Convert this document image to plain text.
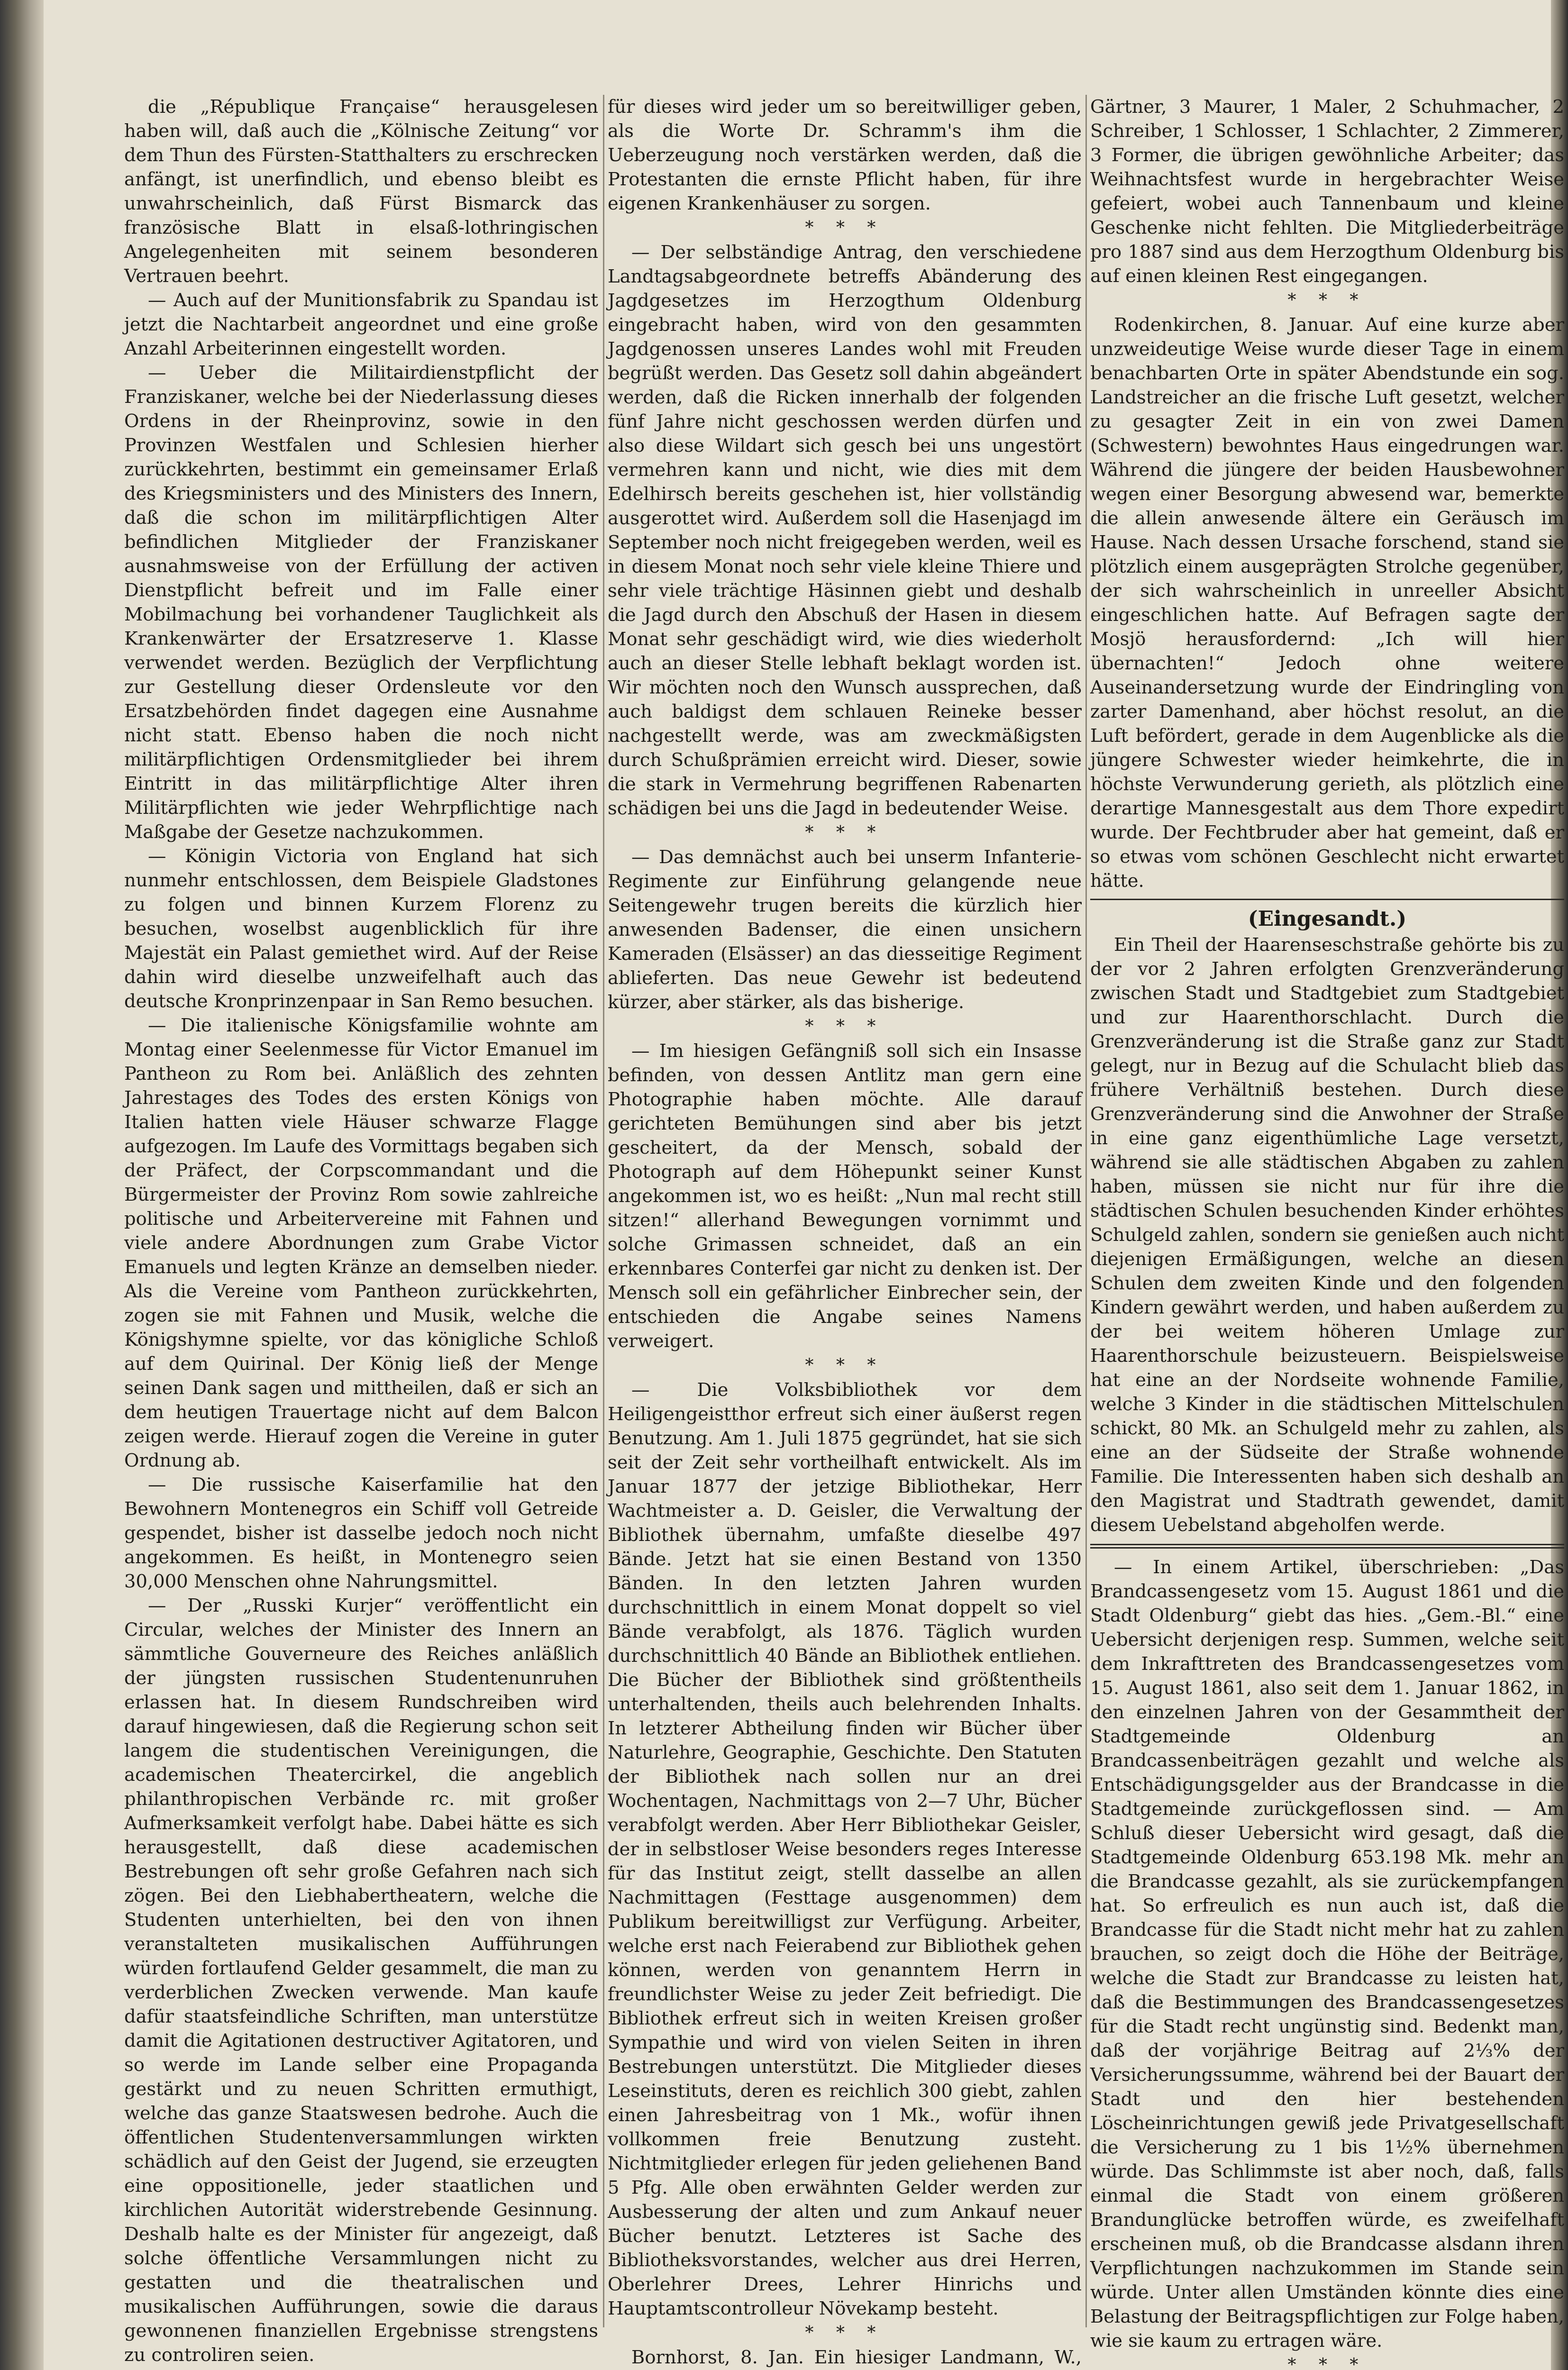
die „République Française“ herausgelesen haben will, daß auch die „Kölnische Zeitung“ vor dem Thun des Fürsten-Statthalters zu erschrecken anfängt, ist unerfindlich, und ebenso bleibt es unwahrscheinlich, daß Fürst Bismarck das französische Blatt in elsaß-lothringischen Angelegenheiten mit seinem besonderen Vertrauen beehrt.

— Auch auf der Munitionsfabrik zu Spandau ist jetzt die Nachtarbeit angeordnet und eine große Anzahl Arbeiterinnen eingestellt worden.

— Ueber die Militairdienstpflicht der Franziskaner, welche bei der Niederlassung dieses Ordens in der Rheinprovinz, sowie in den Provinzen Westfalen und Schlesien hierher zurückkehrten, bestimmt ein gemeinsamer Erlaß des Kriegsministers und des Ministers des Innern, daß die schon im militärpflichtigen Alter befindlichen Mitglieder der Franziskaner ausnahmsweise von der Erfüllung der activen Dienstpflicht befreit und im Falle einer Mobilmachung bei vorhandener Tauglichkeit als Krankenwärter der Ersatzreserve 1. Klasse verwendet werden. Bezüglich der Verpflichtung zur Gestellung dieser Ordensleute vor den Ersatzbehörden findet dagegen eine Ausnahme nicht statt. Ebenso haben die noch nicht militärpflichtigen Ordensmitglieder bei ihrem Eintritt in das militärpflichtige Alter ihren Militärpflichten wie jeder Wehrpflichtige nach Maßgabe der Gesetze nachzukommen.

— Königin Victoria von England hat sich nunmehr entschlossen, dem Beispiele Gladstones zu folgen und binnen Kurzem Florenz zu besuchen, woselbst augenblicklich für ihre Majestät ein Palast gemiethet wird. Auf der Reise dahin wird dieselbe unzweifelhaft auch das deutsche Kronprinzenpaar in San Remo besuchen.

— Die italienische Königsfamilie wohnte am Montag einer Seelenmesse für Victor Emanuel im Pantheon zu Rom bei. Anläßlich des zehnten Jahrestages des Todes des ersten Königs von Italien hatten viele Häuser schwarze Flagge aufgezogen. Im Laufe des Vormittags begaben sich der Präfect, der Corpscommandant und die Bürgermeister der Provinz Rom sowie zahlreiche politische und Arbeitervereine mit Fahnen und viele andere Abordnungen zum Grabe Victor Emanuels und legten Kränze an demselben nieder. Als die Vereine vom Pantheon zurückkehrten, zogen sie mit Fahnen und Musik, welche die Königshymne spielte, vor das königliche Schloß auf dem Quirinal. Der König ließ der Menge seinen Dank sagen und mittheilen, daß er sich an dem heutigen Trauertage nicht auf dem Balcon zeigen werde. Hierauf zogen die Vereine in guter Ordnung ab.

— Die russische Kaiserfamilie hat den Bewohnern Montenegros ein Schiff voll Getreide gespendet, bisher ist dasselbe jedoch noch nicht angekommen. Es heißt, in Montenegro seien 30,000 Menschen ohne Nahrungsmittel.

— Der „Russki Kurjer“ veröffentlicht ein Circular, welches der Minister des Innern an sämmtliche Gouverneure des Reiches anläßlich der jüngsten russischen Studentenunruhen erlassen hat. In diesem Rundschreiben wird darauf hingewiesen, daß die Regierung schon seit langem die studentischen Vereinigungen, die academischen Theatercirkel, die angeblich philanthropischen Verbände rc. mit großer Aufmerksamkeit verfolgt habe. Dabei hätte es sich herausgestellt, daß diese academischen Bestrebungen oft sehr große Gefahren nach sich zögen. Bei den Liebhabertheatern, welche die Studenten unterhielten, bei den von ihnen veranstalteten musikalischen Aufführungen würden fortlaufend Gelder gesammelt, die man zu verderblichen Zwecken verwende. Man kaufe dafür staatsfeindliche Schriften, man unterstütze damit die Agitationen destructiver Agitatoren, und so werde im Lande selber eine Propaganda gestärkt und zu neuen Schritten ermuthigt, welche das ganze Staatswesen bedrohe. Auch die öffentlichen Studentenversammlungen wirkten schädlich auf den Geist der Jugend, sie erzeugten eine oppositionelle, jeder staatlichen und kirchlichen Autorität widerstrebende Gesinnung. Deshalb halte es der Minister für angezeigt, daß solche öffentliche Versammlungen nicht zu gestatten und die theatralischen und musikalischen Aufführungen, sowie die daraus gewonnenen finanziellen Ergebnisse strengstens zu controliren seien.

für dieses wird jeder um so bereitwilliger geben, als die Worte Dr. Schramm's ihm die Ueberzeugung noch verstärken werden, daß die Protestanten die ernste Pflicht haben, für ihre eigenen Krankenhäuser zu sorgen.

* * *

— Der selbständige Antrag, den verschiedene Landtagsabgeordnete betreffs Abänderung des Jagdgesetzes im Herzogthum Oldenburg eingebracht haben, wird von den gesammten Jagdgenossen unseres Landes wohl mit Freuden begrüßt werden. Das Gesetz soll dahin abgeändert werden, daß die Ricken innerhalb der folgenden fünf Jahre nicht geschossen werden dürfen und also diese Wildart sich gesch bei uns ungestört vermehren kann und nicht, wie dies mit dem Edelhirsch bereits geschehen ist, hier vollständig ausgerottet wird. Außerdem soll die Hasenjagd im September noch nicht freigegeben werden, weil es in diesem Monat noch sehr viele kleine Thiere und sehr viele trächtige Häsinnen giebt und deshalb die Jagd durch den Abschuß der Hasen in diesem Monat sehr geschädigt wird, wie dies wiederholt auch an dieser Stelle lebhaft beklagt worden ist. Wir möchten noch den Wunsch aussprechen, daß auch baldigst dem schlauen Reineke besser nachgestellt werde, was am zweckmäßigsten durch Schußprämien erreicht wird. Dieser, sowie die stark in Vermehrung begriffenen Rabenarten schädigen bei uns die Jagd in bedeutender Weise.

* * *

— Das demnächst auch bei unserm Infanterie-Regimente zur Einführung gelangende neue Seitengewehr trugen bereits die kürzlich hier anwesenden Badenser, die einen unsichern Kameraden (Elsässer) an das diesseitige Regiment ablieferten. Das neue Gewehr ist bedeutend kürzer, aber stärker, als das bisherige.

* * *

— Im hiesigen Gefängniß soll sich ein Insasse befinden, von dessen Antlitz man gern eine Photographie haben möchte. Alle darauf gerichteten Bemühungen sind aber bis jetzt gescheitert, da der Mensch, sobald der Photograph auf dem Höhepunkt seiner Kunst angekommen ist, wo es heißt: „Nun mal recht still sitzen!“ allerhand Bewegungen vornimmt und solche Grimassen schneidet, daß an ein erkennbares Conterfei gar nicht zu denken ist. Der Mensch soll ein gefährlicher Einbrecher sein, der entschieden die Angabe seines Namens verweigert.

* * *

— Die Volksbibliothek vor dem Heiligengeistthor erfreut sich einer äußerst regen Benutzung. Am 1. Juli 1875 gegründet, hat sie sich seit der Zeit sehr vortheilhaft entwickelt. Als im Januar 1877 der jetzige Bibliothekar, Herr Wachtmeister a. D. Geisler, die Verwaltung der Bibliothek übernahm, umfaßte dieselbe 497 Bände. Jetzt hat sie einen Bestand von 1350 Bänden. In den letzten Jahren wurden durchschnittlich in einem Monat doppelt so viel Bände verabfolgt, als 1876. Täglich wurden durchschnittlich 40 Bände an Bibliothek entliehen. Die Bücher der Bibliothek sind größtentheils unterhaltenden, theils auch belehrenden Inhalts. In letzterer Abtheilung finden wir Bücher über Naturlehre, Geographie, Geschichte. Den Statuten der Bibliothek nach sollen nur an drei Wochentagen, Nachmittags von 2—7 Uhr, Bücher verabfolgt werden. Aber Herr Bibliothekar Geisler, der in selbstloser Weise besonders reges Interesse für das Institut zeigt, stellt dasselbe an allen Nachmittagen (Festtage ausgenommen) dem Publikum bereitwilligst zur Verfügung. Arbeiter, welche erst nach Feierabend zur Bibliothek gehen können, werden von genanntem Herrn in freundlichster Weise zu jeder Zeit befriedigt. Die Bibliothek erfreut sich in weiten Kreisen großer Sympathie und wird von vielen Seiten in ihren Bestrebungen unterstützt. Die Mitglieder dieses Leseinstituts, deren es reichlich 300 giebt, zahlen einen Jahresbeitrag von 1 Mk., wofür ihnen vollkommen freie Benutzung zusteht. Nichtmitglieder erlegen für jeden geliehenen Band 5 Pfg. Alle oben erwähnten Gelder werden zur Ausbesserung der alten und zum Ankauf neuer Bücher benutzt. Letzteres ist Sache des Bibliotheksvorstandes, welcher aus drei Herren, Oberlehrer Drees, Lehrer Hinrichs und Hauptamtscontrolleur Növekamp besteht.

* * *

Bornhorst, 8. Jan. Ein hiesiger Landmann, W.,

Gärtner, 3 Maurer, 1 Maler, 2 Schuhmacher, 2 Schreiber, 1 Schlosser, 1 Schlachter, 2 Zimmerer, 3 Former, die übrigen gewöhnliche Arbeiter; das Weihnachtsfest wurde in hergebrachter Weise gefeiert, wobei auch Tannenbaum und kleine Geschenke nicht fehlten. Die Mitgliederbeiträge pro 1887 sind aus dem Herzogthum Oldenburg bis auf einen kleinen Rest eingegangen.

* * *

Rodenkirchen, 8. Januar. Auf eine kurze aber unzweideutige Weise wurde dieser Tage in einem benachbarten Orte in später Abendstunde ein sog. Landstreicher an die frische Luft gesetzt, welcher zu gesagter Zeit in ein von zwei Damen (Schwestern) bewohntes Haus eingedrungen war. Während die jüngere der beiden Hausbewohner wegen einer Besorgung abwesend war, bemerkte die allein anwesende ältere ein Geräusch im Hause. Nach dessen Ursache forschend, stand sie plötzlich einem ausgeprägten Strolche gegenüber, der sich wahrscheinlich in unreeller Absicht eingeschlichen hatte. Auf Befragen sagte der Mosjö herausfordernd: „Ich will hier übernachten!“ Jedoch ohne weitere Auseinandersetzung wurde der Eindringling von zarter Damenhand, aber höchst resolut, an die Luft befördert, gerade in dem Augenblicke als die jüngere Schwester wieder heimkehrte, die in höchste Verwunderung gerieth, als plötzlich eine derartige Mannesgestalt aus dem Thore expedirt wurde. Der Fechtbruder aber hat gemeint, daß er so etwas vom schönen Geschlecht nicht erwartet hätte.

(Eingesandt.)

Ein Theil der Haarenseschstraße gehörte bis zu der vor 2 Jahren erfolgten Grenzveränderung zwischen Stadt und Stadtgebiet zum Stadtgebiet und zur Haarenthorschlacht. Durch die Grenzveränderung ist die Straße ganz zur Stadt gelegt, nur in Bezug auf die Schulacht blieb das frühere Verhältniß bestehen. Durch diese Grenzveränderung sind die Anwohner der Straße in eine ganz eigenthümliche Lage versetzt, während sie alle städtischen Abgaben zu zahlen haben, müssen sie nicht nur für ihre die städtischen Schulen besuchenden Kinder erhöhtes Schulgeld zahlen, sondern sie genießen auch nicht diejenigen Ermäßigungen, welche an diesen Schulen dem zweiten Kinde und den folgenden Kindern gewährt werden, und haben außerdem zu der bei weitem höheren Umlage zur Haarenthorschule beizusteuern. Beispielsweise hat eine an der Nordseite wohnende Familie, welche 3 Kinder in die städtischen Mittelschulen schickt, 80 Mk. an Schulgeld mehr zu zahlen, als eine an der Südseite der Straße wohnende Familie. Die Interessenten haben sich deshalb an den Magistrat und Stadtrath gewendet, damit diesem Uebelstand abgeholfen werde.

— In einem Artikel, überschrieben: „Das Brandcassengesetz vom 15. August 1861 und die Stadt Oldenburg“ giebt das hies. „Gem.-Bl.“ eine Uebersicht derjenigen resp. Summen, welche seit dem Inkrafttreten des Brandcassengesetzes vom 15. August 1861, also seit dem 1. Januar 1862, in den einzelnen Jahren von der Gesammtheit der Stadtgemeinde Oldenburg an Brandcassenbeiträgen gezahlt und welche als Entschädigungsgelder aus der Brandcasse in die Stadtgemeinde zurückgeflossen sind. — Am Schluß dieser Uebersicht wird gesagt, daß die Stadtgemeinde Oldenburg 653.198 Mk. mehr an die Brandcasse gezahlt, als sie zurückempfangen hat. So erfreulich es nun auch ist, daß die Brandcasse für die Stadt nicht mehr hat zu zahlen brauchen, so zeigt doch die Höhe der Beiträge, welche die Stadt zur Brandcasse zu leisten hat, daß die Bestimmungen des Brandcassengesetzes für die Stadt recht ungünstig sind. Bedenkt man, daß der vorjährige Beitrag auf 2⅓% der Versicherungssumme, während bei der Bauart der Stadt und den hier bestehenden Löscheinrichtungen gewiß jede Privatgesellschaft die Versicherung zu 1 bis 1½% übernehmen würde. Das Schlimmste ist aber noch, daß, falls einmal die Stadt von einem größeren Brandunglücke betroffen würde, es zweifelhaft erscheinen muß, ob die Brandcasse alsdann ihren Verpflichtungen nachzukommen im Stande sein würde. Unter allen Umständen könnte dies eine Belastung der Beitragspflichtigen zur Folge haben, wie sie kaum zu ertragen wäre.

* * *
